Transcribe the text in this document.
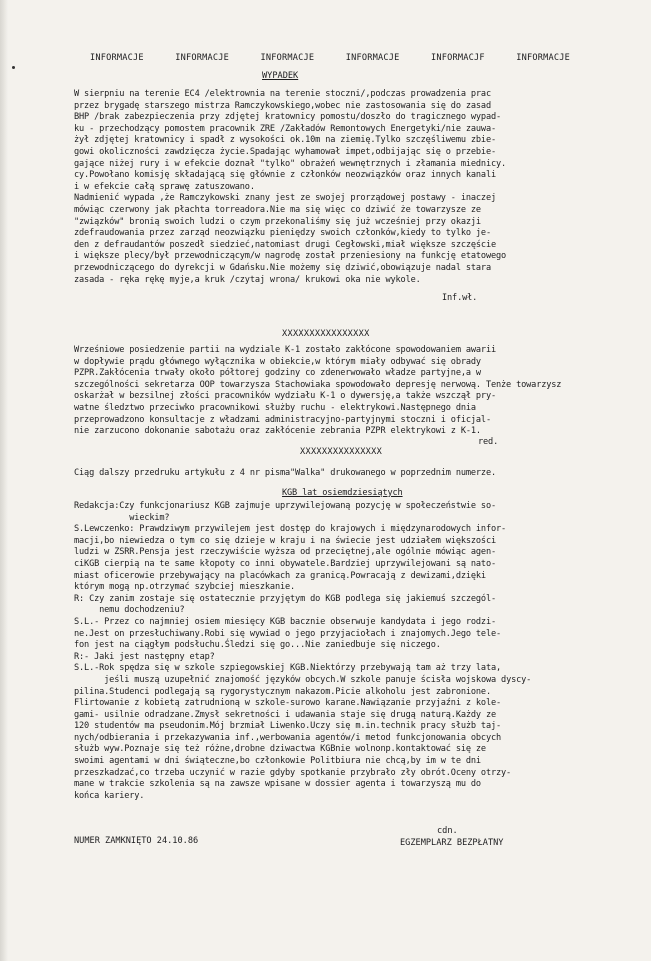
INFORMACJE	INFORMACJE	INFORMACJE	INFORMACJE	INFORMACJF	INFORMACJE
WYPADEK

W sierpniu na terenie EC4 /elektrownia na terenie stoczni/,podczas prowadzenia prac

przez brygadę starszego mistrza Ramczykowskiego,wobec nie zastosowania się do zasad

BHP /brak zabezpieczenia przy zdjętej kratownicy pomostu/doszło do tragicznego wypad-

ku - przechodzący pomostem pracownik ZRE /Zakładów Remontowych Energetyki/nie zauwa-

żył zdjętej kratownicy i spadł z wysokości ok.10m na ziemię.Tylko szczęśliwemu zbie-

gowi okoliczności zawdzięcza życie.Spadając wyhamował impet,odbijając się o przebie-

gające niżej rury i w efekcie doznał "tylko" obrażeń wewnętrznych i złamania miednicy.

cy.Powołano komisję składającą się głównie z członków neozwiązków oraz innych kanali

i w efekcie całą sprawę zatuszowano.

Nadmienić wypada ,że Ramczykowski znany jest ze swojej prorządowej postawy - inaczej

mówiąc czerwony jak płachta torreadora.Nie ma się więc co dziwić że towarzysze ze

"związków" bronią swoich ludzi o czym przekonaliśmy się już wcześniej przy okazji

zdefraudowania przez zarząd neozwiązku pieniędzy swoich członków,kiedy to tylko je-

den z defraudantów poszedł siedzieć,natomiast drugi Cegłowski,miał większe szczęście

i większe plecy/był przewodniczącym/w nagrodę został przeniesiony na funkcję etatowego

przewodniczącego do dyrekcji w Gdańsku.Nie możemy się dziwić,obowiązuje nadal stara

zasada - ręka rękę myje,a kruk /czytaj wrona/ krukowi oka nie wykole.

Inf.wł.
XXXXXXXXXXXXXXXX

Wrześniowe posiedzenie partii na wydziale K-1 zostało zakłócone spowodowaniem awarii

w dopływie prądu głównego wyłącznika w obiekcie,w którym miały odbywać się obrady

PZPR.Zakłócenia trwały około półtorej godziny co zdenerwowało władze partyjne,a w

szczególności sekretarza OOP towarzysza Stachowiaka spowodowało depresję nerwową. Tenże towarzysz

oskarżał w bezsilnej złości pracowników wydziału K-1 o dywersję,a także wszczął pry-

watne śledztwo przeciwko pracownikowi służby ruchu - elektrykowi.Następnego dnia

przeprowadzono konsultacje z władzami administracyjno-partyjnymi stoczni i oficjal-

nie zarzucono dokonanie sabotażu oraz zakłócenie zebrania PZPR elektrykowi z K-1.

red.
XXXXXXXXXXXXXXX

Ciąg dalszy przedruku artykułu z 4 nr pisma"Walka" drukowanego w poprzednim numerze.

KGB lat osiemdziesiątych

Redakcja:Czy funkcjonariusz KGB zajmuje uprzywilejowaną pozycję w społeczeństwie so-

wieckim?

S.Lewczenko: Prawdziwym przywilejem jest dostęp do krajowych i międzynarodowych infor-

macji,bo niewiedza o tym co się dzieje w kraju i na świecie jest udziałem większości

ludzi w ZSRR.Pensja jest rzeczywiście wyższa od przeciętnej,ale ogólnie mówiąc agen-

ciKGB cierpią na te same kłopoty co inni obywatele.Bardziej uprzywilejowani są nato-

miast oficerowie przebywający na placówkach za granicą.Powracają z dewizami,dzięki

którym mogą np.otrzymać szybciej mieszkanie.

R: Czy zanim zostaje się ostatecznie przyjętym do KGB podlega się jakiemuś szczegól-

nemu dochodzeniu?

S.L.- Przez co najmniej osiem miesięcy KGB bacznie obserwuje kandydata i jego rodzi-

ne.Jest on przesłuchiwany.Robi się wywiad o jego przyjaciołach i znajomych.Jego tele-

fon jest na ciągłym podsłuchu.Śledzi się go...Nie zaniedbuje się niczego.

R:- Jaki jest następny etap?

S.L.-Rok spędza się w szkole szpiegowskiej KGB.Niektórzy przebywają tam aż trzy lata,

jeśli muszą uzupełnić znajomość języków obcych.W szkole panuje ścisła wojskowa dyscy-

pilina.Studenci podlegają są rygorystycznym nakazom.Picie alkoholu jest zabronione.

Flirtowanie z kobietą zatrudnioną w szkole-surowo karane.Nawiązanie przyjaźni z kole-

gami- usilnie odradzane.Zmysł sekretności i udawania staje się drugą naturą.Każdy ze

120 studentów ma pseudonim.Mój brzmiał Liwenko.Uczy się m.in.technik pracy służb taj-

nych/odbierania i przekazywania inf.,werbowania agentów/i metod funkcjonowania obcych

służb wyw.Poznaje się też różne,drobne dziwactwa KGBnie wolnonp.kontaktować się ze

swoimi agentami w dni świąteczne,bo członkowie Politbiura nie chcą,by im w te dni

przeszkadzać,co trzeba uczynić w razie gdyby spotkanie przybrało zły obrót.Oceny otrzy-

mane w trakcie szkolenia są na zawsze wpisane w dossier agenta i towarzyszą mu do

końca kariery.

cdn.
NUMER ZAMKNIĘTO 24.10.86	EGZEMPLARZ BEZPŁATNY
